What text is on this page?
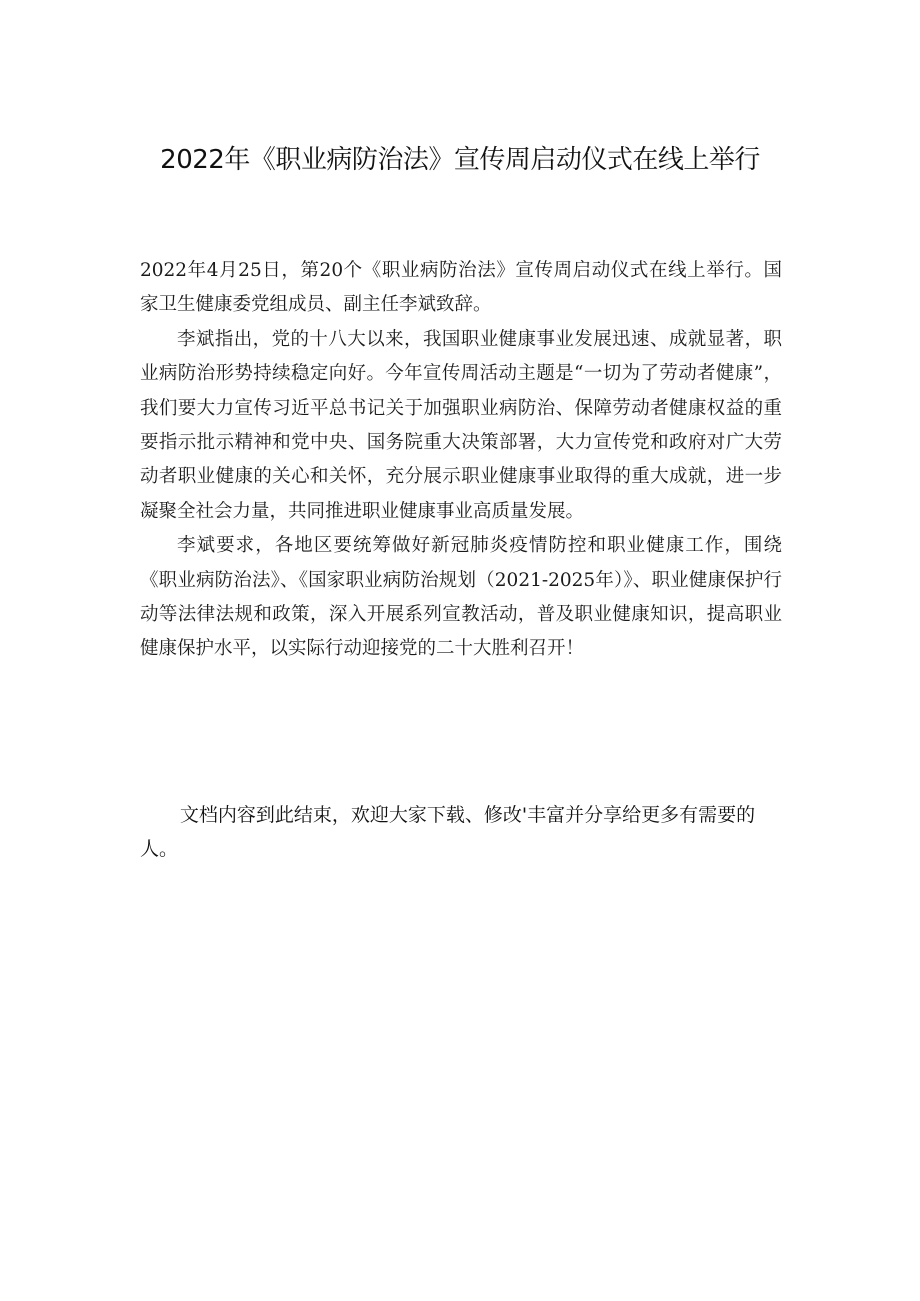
2022年《职业病防治法》宣传周启动仪式在线上举行

2022年4月25日，第20个《职业病防治法》宣传周启动仪式在线上举行。国家卫生健康委党组成员、副主任李斌致辞。

李斌指出，党的十八大以来，我国职业健康事业发展迅速、成就显著，职业病防治形势持续稳定向好。今年宣传周活动主题是“一切为了劳动者健康”，我们要大力宣传习近平总书记关于加强职业病防治、保障劳动者健康权益的重要指示批示精神和党中央、国务院重大决策部署，大力宣传党和政府对广大劳动者职业健康的关心和关怀，充分展示职业健康事业取得的重大成就，进一步凝聚全社会力量，共同推进职业健康事业高质量发展。

李斌要求，各地区要统筹做好新冠肺炎疫情防控和职业健康工作，围绕《职业病防治法》、《国家职业病防治规划（2021-2025年）》、职业健康保护行动等法律法规和政策，深入开展系列宣教活动，普及职业健康知识，提高职业健康保护水平，以实际行动迎接党的二十大胜利召开！

文档内容到此结束，欢迎大家下载、修改'丰富并分享给更多有需要的人。
